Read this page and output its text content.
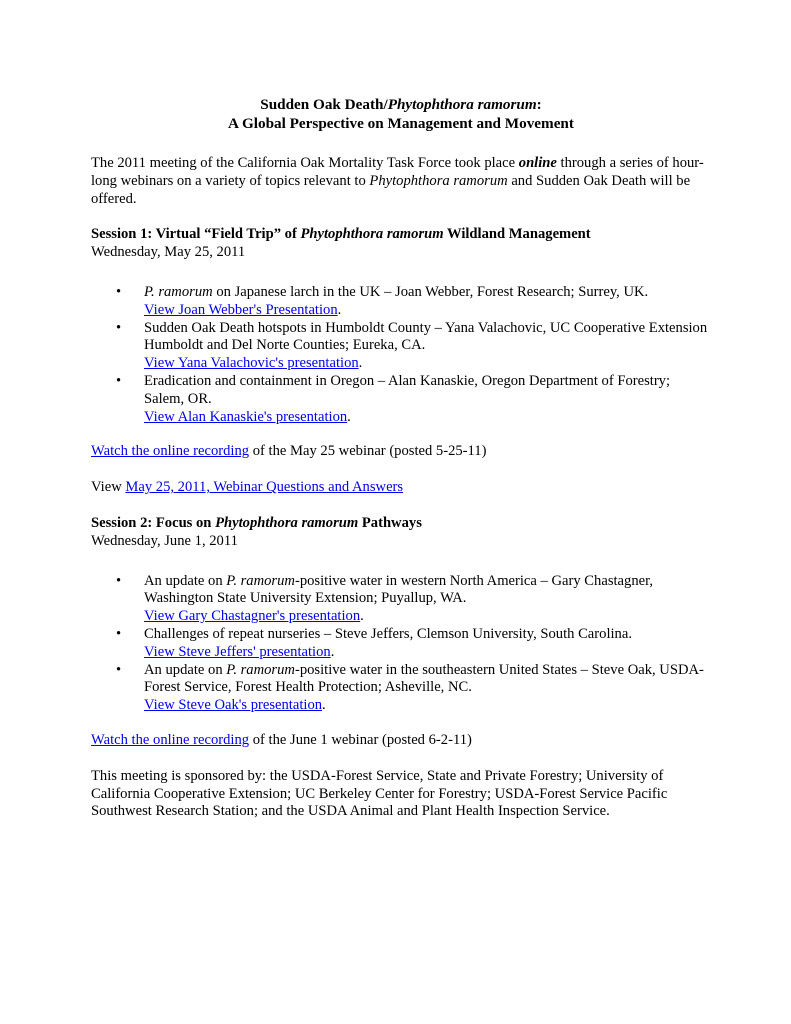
Sudden Oak Death/Phytophthora ramorum:
A Global Perspective on Management and Movement

The 2011 meeting of the California Oak Mortality Task Force took place online through a series of hour-long webinars on a variety of topics relevant to Phytophthora ramorum and Sudden Oak Death will be offered.

Session 1: Virtual “Field Trip” of Phytophthora ramorum Wildland Management
Wednesday, May 25, 2011

• P. ramorum on Japanese larch in the UK – Joan Webber, Forest Research; Surrey, UK.
View Joan Webber's Presentation.
• Sudden Oak Death hotspots in Humboldt County – Yana Valachovic, UC Cooperative Extension Humboldt and Del Norte Counties; Eureka, CA.
View Yana Valachovic's presentation.
• Eradication and containment in Oregon – Alan Kanaskie, Oregon Department of Forestry; Salem, OR.
View Alan Kanaskie's presentation.

Watch the online recording of the May 25 webinar (posted 5-25-11)

View May 25, 2011, Webinar Questions and Answers

Session 2: Focus on Phytophthora ramorum Pathways
Wednesday, June 1, 2011

• An update on P. ramorum-positive water in western North America – Gary Chastagner, Washington State University Extension; Puyallup, WA.
View Gary Chastagner's presentation.
• Challenges of repeat nurseries – Steve Jeffers, Clemson University, South Carolina.
View Steve Jeffers' presentation.
• An update on P. ramorum-positive water in the southeastern United States – Steve Oak, USDA-Forest Service, Forest Health Protection; Asheville, NC.
View Steve Oak's presentation.

Watch the online recording of the June 1 webinar (posted 6-2-11)

This meeting is sponsored by: the USDA-Forest Service, State and Private Forestry; University of California Cooperative Extension; UC Berkeley Center for Forestry; USDA-Forest Service Pacific Southwest Research Station; and the USDA Animal and Plant Health Inspection Service.
